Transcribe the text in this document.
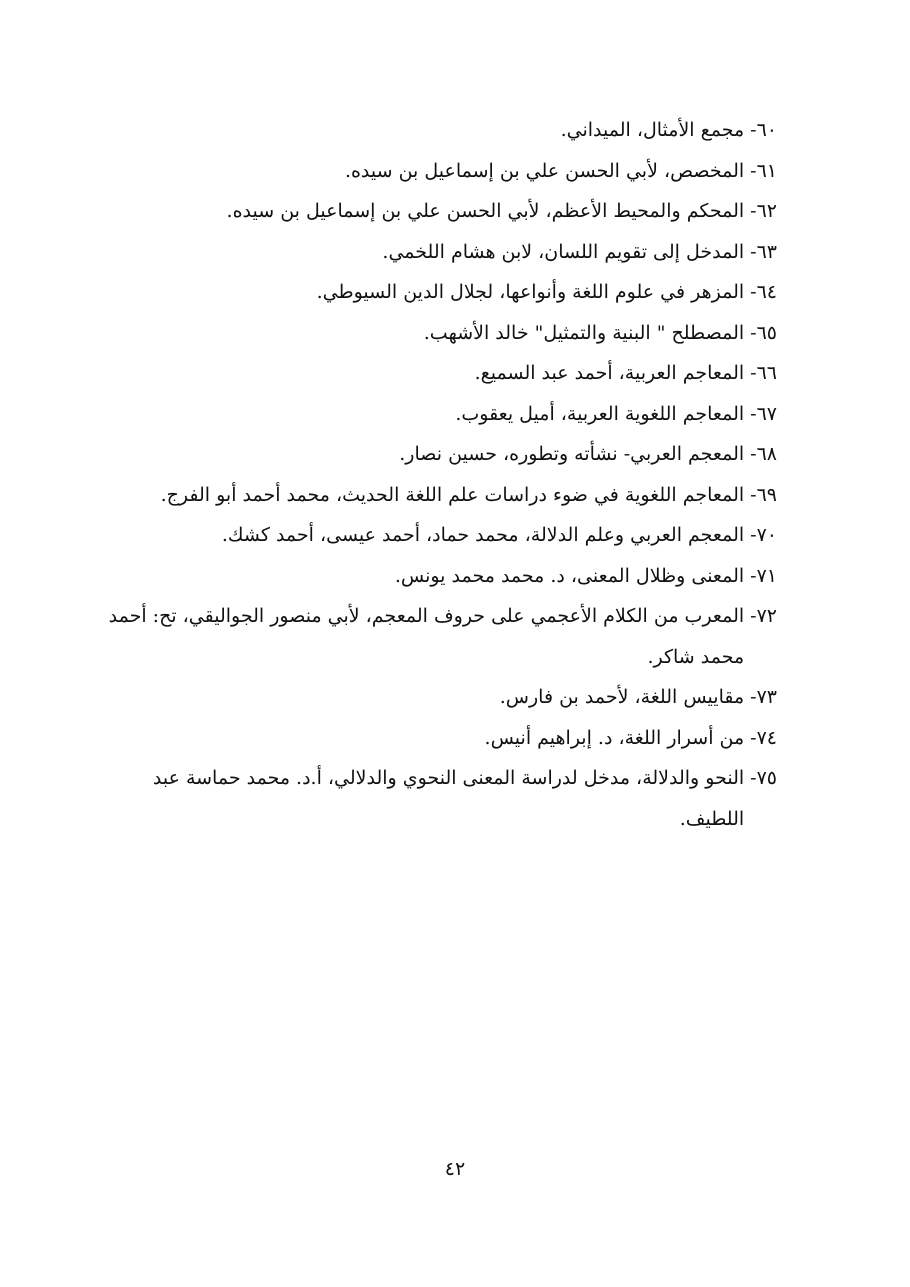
٦٠-
مجمع الأمثال، الميداني.
٦١-
المخصص، لأبي الحسن علي بن إسماعيل بن سيده.
٦٢-
المحكم والمحيط الأعظم، لأبي الحسن علي بن إسماعيل بن سيده.
٦٣-
المدخل إلى تقويم اللسان، لابن هشام اللخمي.
٦٤-
المزهر في علوم اللغة وأنواعها، لجلال الدين السيوطي.
٦٥-
المصطلح " البنية والتمثيل" خالد الأشهب.
٦٦-
المعاجم العربية، أحمد عبد السميع.
٦٧-
المعاجم اللغوية العربية، أميل يعقوب.
٦٨-
المعجم العربي- نشأته وتطوره، حسين نصار.
٦٩-
المعاجم اللغوية في ضوء دراسات علم اللغة الحديث، محمد أحمد أبو الفرج.
٧٠-
المعجم العربي وعلم الدلالة، محمد حماد، أحمد عيسى، أحمد كشك.
٧١-
المعنى وظلال المعنى، د. محمد محمد يونس.
٧٢-
المعرب من الكلام الأعجمي على حروف المعجم، لأبي منصور الجواليقي، تح: أحمد محمد شاكر.
٧٣-
مقاييس اللغة، لأحمد بن فارس.
٧٤-
من أسرار اللغة، د. إبراهيم أنيس.
٧٥-
النحو والدلالة، مدخل لدراسة المعنى النحوي والدلالي، أ.د. محمد حماسة عبد اللطيف.
٤٢
